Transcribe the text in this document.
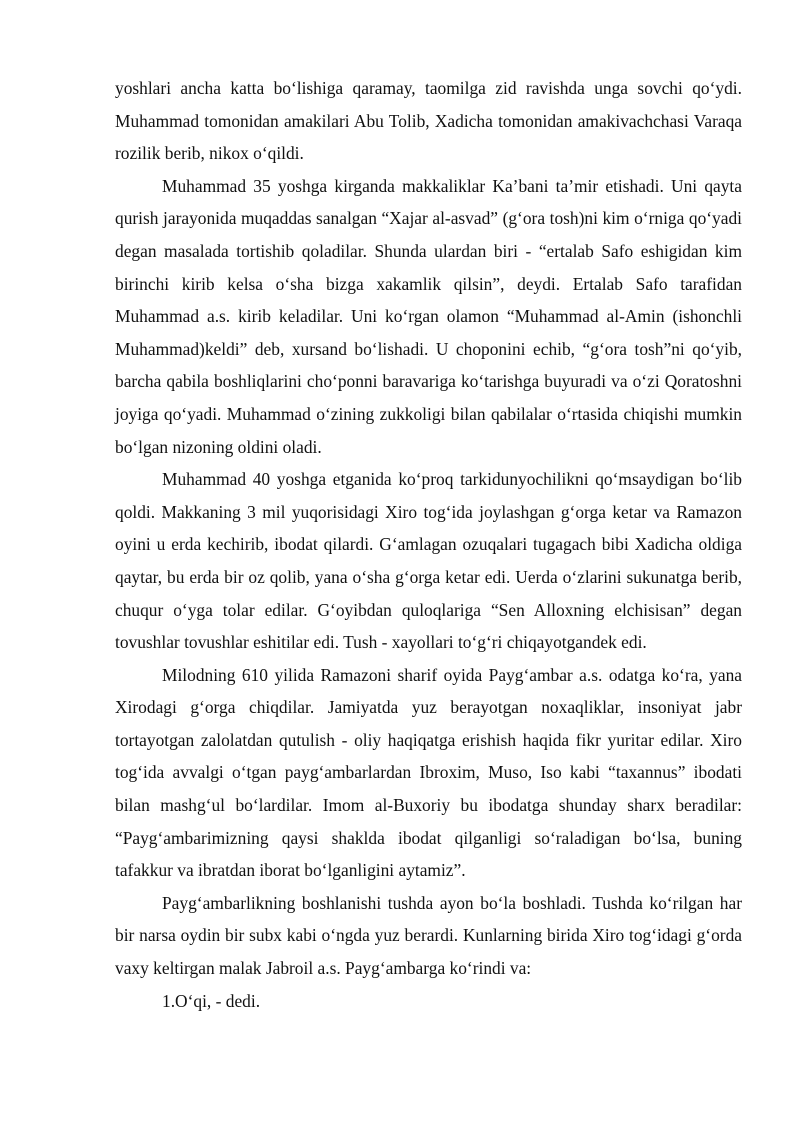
yoshlari ancha katta boʻlishiga qaramay, taomilga zid ravishda unga sovchi qoʻydi. Muhammad tomonidan amakilari Abu Tolib, Xadicha tomonidan amakivachchasi Varaqa rozilik berib, nikox oʻqildi.

Muhammad 35 yoshga kirganda makkaliklar Ka’bani ta’mir etishadi. Uni qayta qurish jarayonida muqaddas sanalgan “Xajar al-asvad” (gʻora tosh)ni kim oʻrniga qoʻyadi degan masalada tortishib qoladilar. Shunda ulardan biri - “ertalab Safo eshigidan kim birinchi kirib kelsa oʻsha bizga xakamlik qilsin”, deydi. Ertalab Safo tarafidan Muhammad a.s. kirib keladilar. Uni koʻrgan olamon “Muhammad al-Amin (ishonchli Muhammad)keldi” deb, xursand boʻlishadi. U choponini echib, “gʻora tosh”ni qoʻyib, barcha qabila boshliqlarini choʻponni baravariga koʻtarishga buyuradi va oʻzi Qoratoshni joyiga qoʻyadi. Muhammad oʻzining zukkoligi bilan qabilalar oʻrtasida chiqishi mumkin boʻlgan nizoning oldini oladi.

Muhammad 40 yoshga etganida koʻproq tarkidunyochilikni qoʻmsaydigan boʻlib qoldi. Makkaning 3 mil yuqorisidagi Xiro togʻida joylashgan gʻorga ketar va Ramazon oyini u erda kechirib, ibodat qilardi. Gʻamlagan ozuqalari tugagach bibi Xadicha oldiga qaytar, bu erda bir oz qolib, yana oʻsha gʻorga ketar edi. Uerda oʻzlarini sukunatga berib, chuqur oʻyga tolar edilar. Gʻoyibdan quloqlariga “Sen Alloxning elchisisan” degan tovushlar tovushlar eshitilar edi. Tush - xayollari toʻgʻri chiqayotgandek edi.

Milodning 610 yilida Ramazoni sharif oyida Paygʻambar a.s. odatga koʻra, yana Xirodagi gʻorga chiqdilar. Jamiyatda yuz berayotgan noxaqliklar, insoniyat jabr tortayotgan zalolatdan qutulish - oliy haqiqatga erishish haqida fikr yuritar edilar. Xiro togʻida avvalgi oʻtgan paygʻambarlardan Ibroxim, Muso, Iso kabi “taxannus” ibodati bilan mashgʻul boʻlardilar. Imom al-Buxoriy bu ibodatga shunday sharx beradilar: “Paygʻambarimizning qaysi shaklda ibodat qilganligi soʻraladigan boʻlsa, buning tafakkur va ibratdan iborat boʻlganligini aytamiz”.

Paygʻambarlikning boshlanishi tushda ayon boʻla boshladi. Tushda koʻrilgan har bir narsa oydin bir subx kabi oʻngda yuz berardi. Kunlarning birida Xiro togʻidagi gʻorda vaxy keltirgan malak Jabroil a.s. Paygʻambarga koʻrindi va:

1.Oʻqi, - dedi.
